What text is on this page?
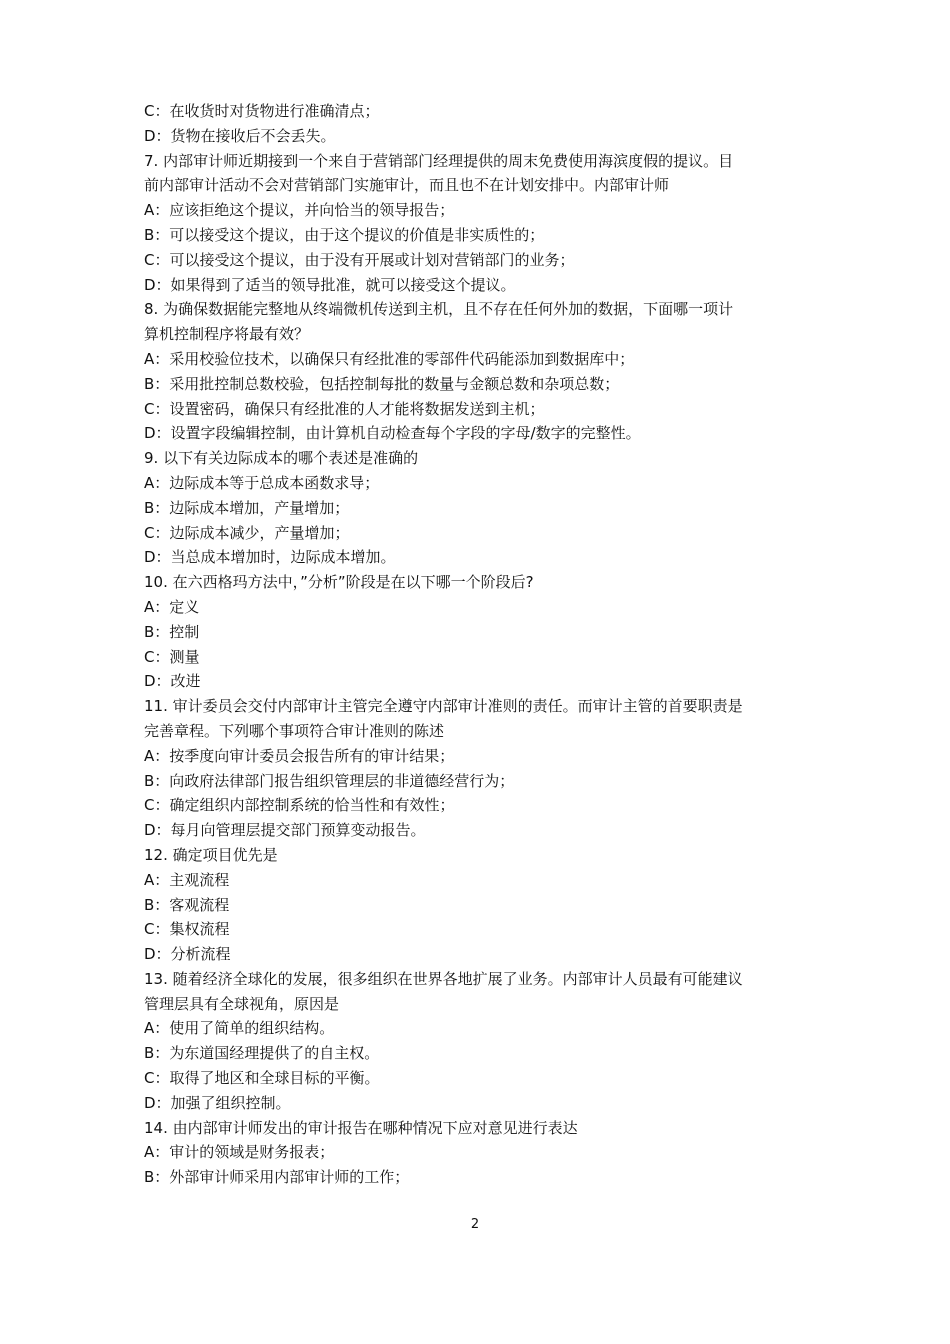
C：在收货时对货物进行准确清点；
D：货物在接收后不会丢失。
7. 内部审计师近期接到一个来自于营销部门经理提供的周末免费使用海滨度假的提议。目
前内部审计活动不会对营销部门实施审计，而且也不在计划安排中。内部审计师
A：应该拒绝这个提议，并向恰当的领导报告；
B：可以接受这个提议，由于这个提议的价值是非实质性的；
C：可以接受这个提议，由于没有开展或计划对营销部门的业务；
D：如果得到了适当的领导批准，就可以接受这个提议。
8. 为确保数据能完整地从终端微机传送到主机，且不存在任何外加的数据，下面哪一项计
算机控制程序将最有效？
A：采用校验位技术，以确保只有经批准的零部件代码能添加到数据库中；
B：采用批控制总数校验，包括控制每批的数量与金额总数和杂项总数；
C：设置密码，确保只有经批准的人才能将数据发送到主机；
D：设置字段编辑控制，由计算机自动检查每个字段的字母/数字的完整性。
9. 以下有关边际成本的哪个表述是准确的
A：边际成本等于总成本函数求导；
B：边际成本增加，产量增加；
C：边际成本减少，产量增加；
D：当总成本增加时，边际成本增加。
10. 在六西格玛方法中，”分析”阶段是在以下哪一个阶段后?
A：定义
B：控制
C：测量
D：改进
11. 审计委员会交付内部审计主管完全遵守内部审计准则的责任。而审计主管的首要职责是
完善章程。下列哪个事项符合审计准则的陈述
A：按季度向审计委员会报告所有的审计结果；
B：向政府法律部门报告组织管理层的非道德经营行为；
C：确定组织内部控制系统的恰当性和有效性；
D：每月向管理层提交部门预算变动报告。
12. 确定项目优先是
A：主观流程
B：客观流程
C：集权流程
D：分析流程
13. 随着经济全球化的发展，很多组织在世界各地扩展了业务。内部审计人员最有可能建议
管理层具有全球视角，原因是
A：使用了简单的组织结构。
B：为东道国经理提供了的自主权。
C：取得了地区和全球目标的平衡。
D：加强了组织控制。
14. 由内部审计师发出的审计报告在哪种情况下应对意见进行表达
A：审计的领域是财务报表；
B：外部审计师采用内部审计师的工作；
2
